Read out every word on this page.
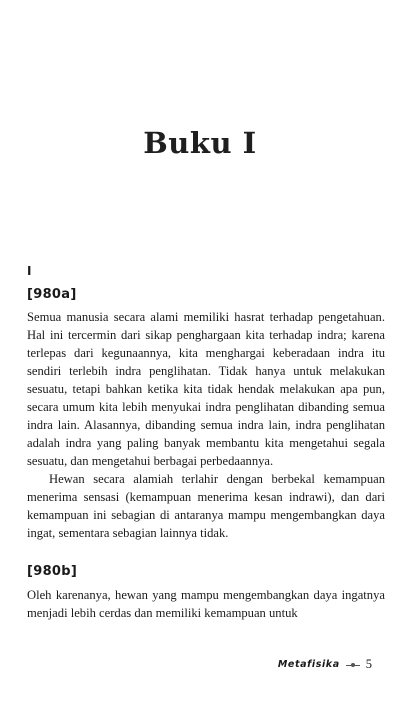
Buku I
I
[980a]

Semua manusia secara alami memiliki hasrat terhadap pengetahuan. Hal ini tercermin dari sikap penghargaan kita terhadap indra; karena terlepas dari kegunaannya, kita menghargai keberadaan indra itu sendiri terlebih indra penglihatan. Tidak hanya untuk melakukan sesuatu, tetapi bahkan ketika kita tidak hendak melakukan apa pun, secara umum kita lebih menyukai indra penglihatan dibanding semua indra lain. Alasannya, dibanding semua indra lain, indra penglihatan adalah indra yang paling banyak membantu kita mengetahui segala sesuatu, dan mengetahui berbagai perbedaannya.

Hewan secara alamiah terlahir dengan berbekal kemampuan menerima sensasi (kemampuan menerima kesan indrawi), dan dari kemampuan ini sebagian di antaranya mampu mengembangkan daya ingat, sementara sebagian lainnya tidak.

[980b]

Oleh karenanya, hewan yang mampu mengembangkan daya ingatnya menjadi lebih cerdas dan memiliki kemampuan untuk

Metafisika 5
